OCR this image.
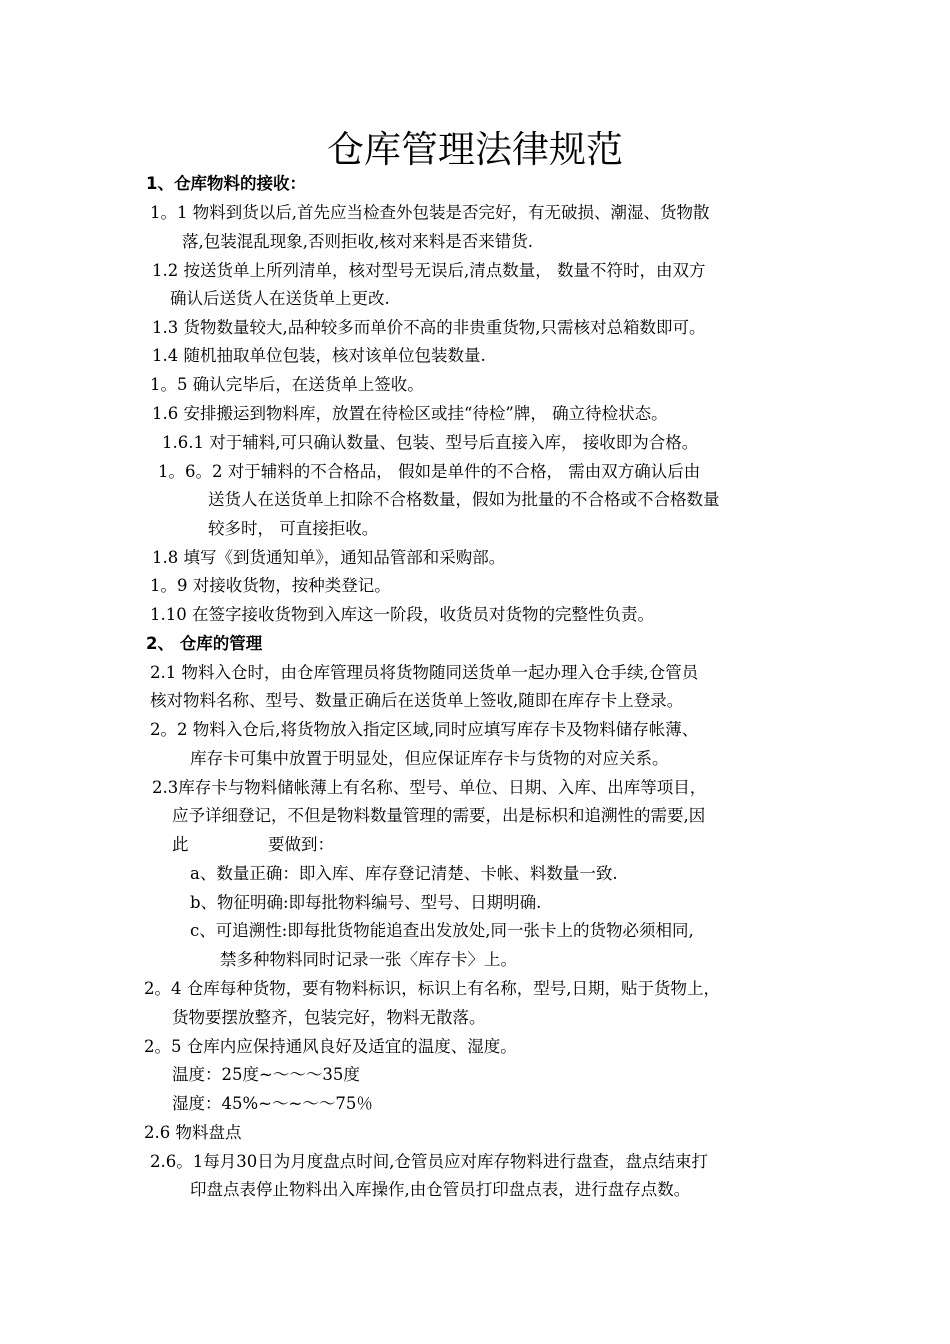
仓库管理法律规范
1、仓库物料的接收：
1。1 物料到货以后,首先应当检查外包装是否完好，有无破损、潮湿、货物散
落,包装混乱现象,否则拒收,核对来料是否来错货.
1.2 按送货单上所列清单，核对型号无误后,清点数量， 数量不符时，由双方
确认后送货人在送货单上更改.
1.3 货物数量较大,品种较多而单价不高的非贵重货物,只需核对总箱数即可。
1.4 随机抽取单位包装，核对该单位包装数量.
1。5 确认完毕后，在送货单上签收。
1.6 安排搬运到物料库，放置在待检区或挂“待检”牌， 确立待检状态。
1.6.1 对于辅料,可只确认数量、包装、型号后直接入库， 接收即为合格。
1。6。2 对于辅料的不合格品， 假如是单件的不合格， 需由双方确认后由
送货人在送货单上扣除不合格数量，假如为批量的不合格或不合格数量
较多时， 可直接拒收。
1.8 填写《到货通知单》，通知品管部和采购部。
1。9 对接收货物，按种类登记。
1.10 在签字接收货物到入库这一阶段，收货员对货物的完整性负责。
2、 仓库的管理
2.1 物料入仓时，由仓库管理员将货物随同送货单一起办理入仓手续,仓管员
核对物料名称、型号、数量正确后在送货单上签收,随即在库存卡上登录。
2。2 物料入仓后,将货物放入指定区域,同时应填写库存卡及物料储存帐薄、
库存卡可集中放置于明显处，但应保证库存卡与货物的对应关系。
2.3库存卡与物料储帐薄上有名称、型号、单位、日期、入库、出库等项目，
应予详细登记，不但是物料数量管理的需要，出是标枳和追溯性的需要,因
此	要做到：
a、数量正确：即入库、库存登记清楚、卡帐、料数量一致.
b、物征明确:即每批物料编号、型号、日期明确.
c、可追溯性:即每批货物能追查出发放处,同一张卡上的货物必须相同,
禁多种物料同时记录一张〈库存卡〉上。
2。4 仓库每种货物，要有物料标识，标识上有名称，型号,日期，贴于货物上，
货物要摆放整齐，包装完好，物料无散落。
2。5 仓库内应保持通风良好及适宜的温度、湿度。
温度：25度~～～～35度
湿度：45%~～~～～75％
2.6 物料盘点
2.6。1每月30日为月度盘点时间,仓管员应对库存物料进行盘查，盘点结束打
印盘点表停止物料出入库操作,由仓管员打印盘点表，进行盘存点数。
